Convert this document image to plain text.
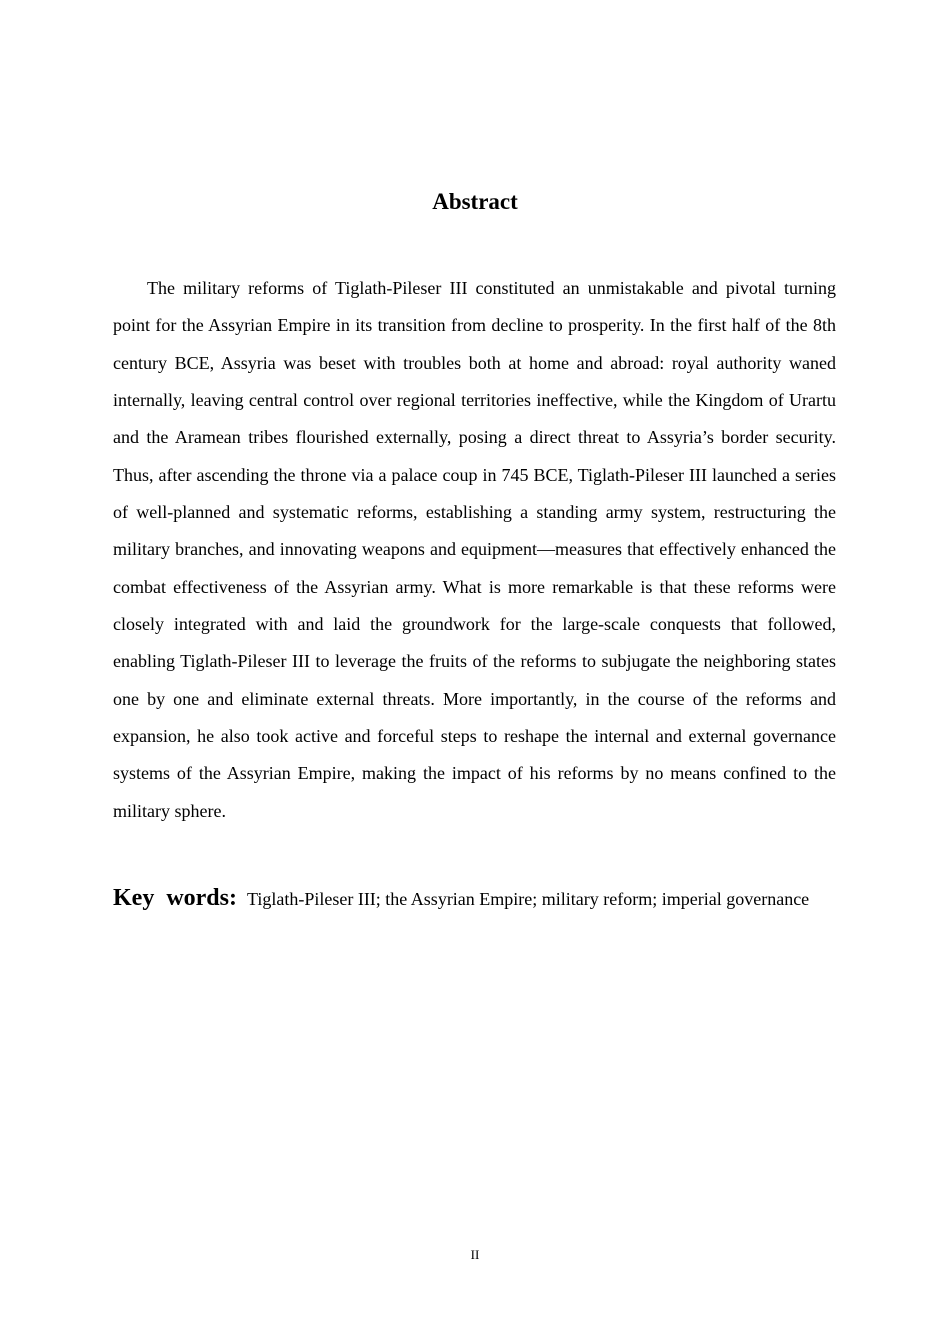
Abstract

The military reforms of Tiglath-Pileser III constituted an unmistakable and pivotal turning point for the Assyrian Empire in its transition from decline to prosperity. In the first half of the 8th century BCE, Assyria was beset with troubles both at home and abroad: royal authority waned internally, leaving central control over regional territories ineffective, while the Kingdom of Urartu and the Aramean tribes flourished externally, posing a direct threat to Assyria’s border security. Thus, after ascending the throne via a palace coup in 745 BCE, Tiglath-Pileser III launched a series of well-planned and systematic reforms, establishing a standing army system, restructuring the military branches, and innovating weapons and equipment—measures that effectively enhanced the combat effectiveness of the Assyrian army. What is more remarkable is that these reforms were closely integrated with and laid the groundwork for the large-scale conquests that followed, enabling Tiglath-Pileser III to leverage the fruits of the reforms to subjugate the neighboring states one by one and eliminate external threats. More importantly, in the course of the reforms and expansion, he also took active and forceful steps to reshape the internal and external governance systems of the Assyrian Empire, making the impact of his reforms by no means confined to the military sphere.

Key words: Tiglath-Pileser III; the Assyrian Empire; military reform; imperial governance

II
